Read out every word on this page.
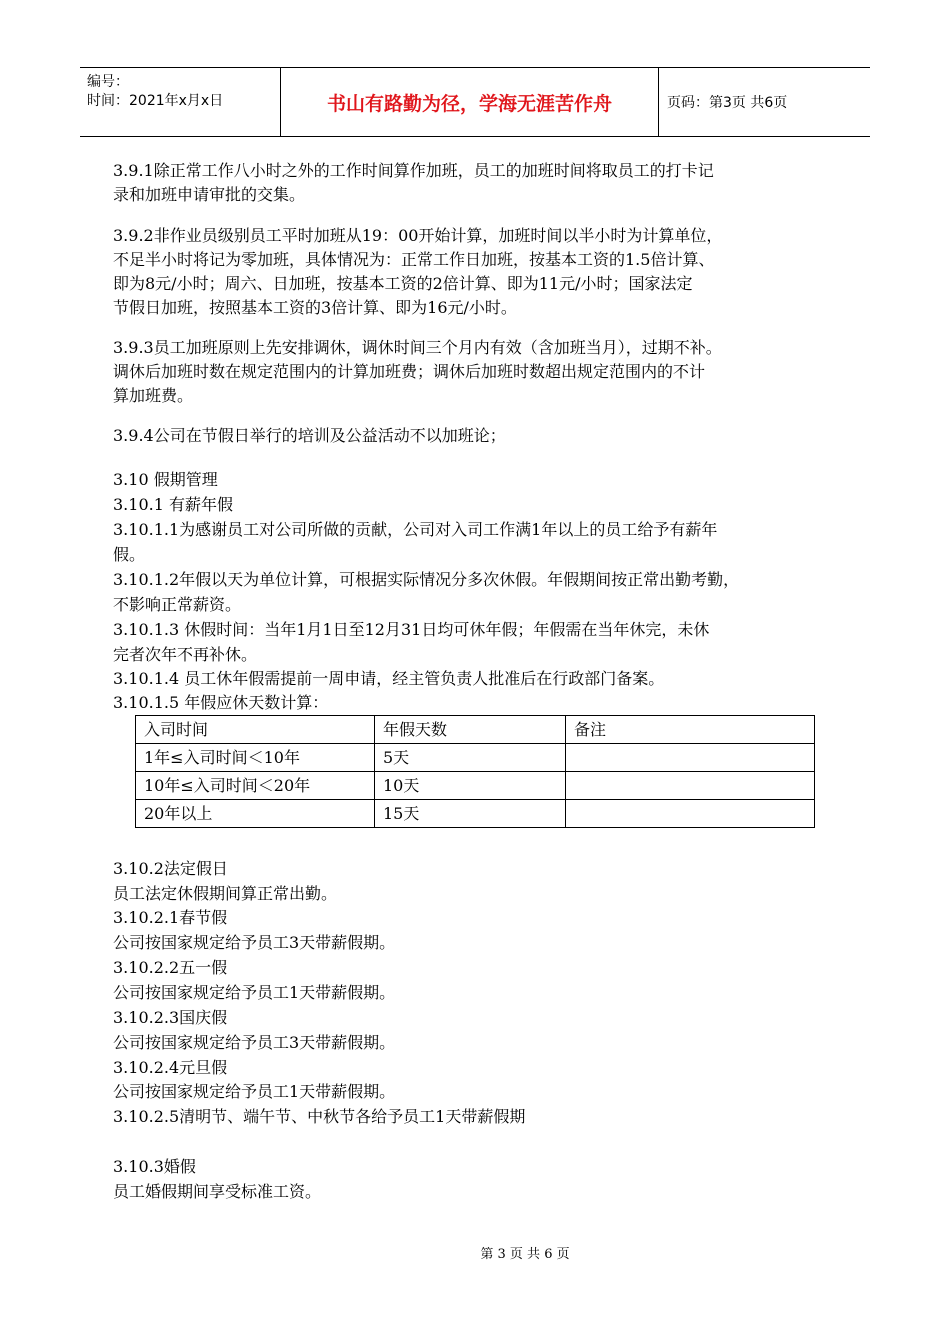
编号：
时间：2021年x月x日	书山有路勤为径，学海无涯苦作舟	页码：第3页 共6页
3.9.1除正常工作八小时之外的工作时间算作加班，员工的加班时间将取员工的打卡记
录和加班申请审批的交集。
3.9.2非作业员级别员工平时加班从19：00开始计算，加班时间以半小时为计算单位，
不足半小时将记为零加班，具体情况为：正常工作日加班，按基本工资的1.5倍计算、
即为8元/小时；周六、日加班，按基本工资的2倍计算、即为11元/小时；国家法定
节假日加班，按照基本工资的3倍计算、即为16元/小时。
3.9.3员工加班原则上先安排调休，调休时间三个月内有效（含加班当月），过期不补。
调休后加班时数在规定范围内的计算加班费；调休后加班时数超出规定范围内的不计
算加班费。
3.9.4公司在节假日举行的培训及公益活动不以加班论；
3.10 假期管理
3.10.1 有薪年假
3.10.1.1为感谢员工对公司所做的贡献，公司对入司工作满1年以上的员工给予有薪年
假。
3.10.1.2年假以天为单位计算，可根据实际情况分多次休假。年假期间按正常出勤考勤，
不影响正常薪资。
3.10.1.3 休假时间：当年1月1日至12月31日均可休年假；年假需在当年休完，未休
完者次年不再补休。
3.10.1.4 员工休年假需提前一周申请，经主管负责人批准后在行政部门备案。
3.10.1.5 年假应休天数计算：
入司时间	年假天数	备注
1年≤入司时间＜10年	5天	
10年≤入司时间＜20年	10天	
20年以上	15天	
3.10.2法定假日
员工法定休假期间算正常出勤。
3.10.2.1春节假
公司按国家规定给予员工3天带薪假期。
3.10.2.2五一假
公司按国家规定给予员工1天带薪假期。
3.10.2.3国庆假
公司按国家规定给予员工3天带薪假期。
3.10.2.4元旦假
公司按国家规定给予员工1天带薪假期。
3.10.2.5清明节、端午节、中秋节各给予员工1天带薪假期
3.10.3婚假
员工婚假期间享受标准工资。
第 3 页 共 6 页
